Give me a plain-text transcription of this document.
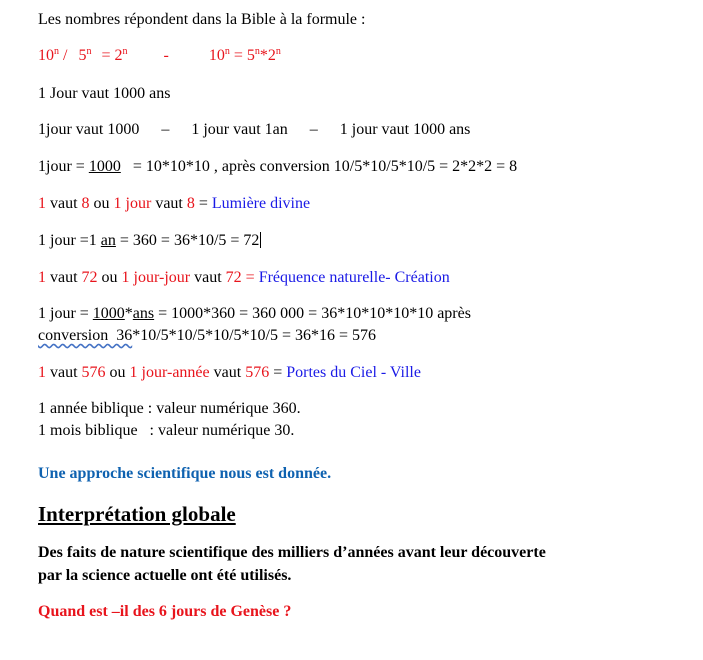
Les nombres répondent dans la Bible à la formule :
$10^n / 5^n = 2^n$ -	$10^n = 5^n*2^n$
1 Jour vaut 1000 ans
1jour vaut 1000 – 1 jour vaut 1an – 1 jour vaut 1000 ans
1jour = 1000   = 10*10*10 , après conversion 10/5*10/5*10/5 = 2*2*2 = 8
1 vaut 8 ou 1 jour vaut 8 = Lumière divine
1 jour =1 an = 360 = 36*10/5 = 72
1 vaut 72 ou 1 jour-jour vaut 72 = Fréquence naturelle- Création
1 jour = 1000*ans = 1000*360 = 360 000 = 36*10*10*10*10 après
conversion  36*10/5*10/5*10/5*10/5 = 36*16 = 576
1 vaut 576 ou 1 jour-année vaut 576 = Portes du Ciel - Ville
1 année biblique : valeur numérique 360.
1 mois biblique   : valeur numérique 30.
Une approche scientifique nous est donnée.
Interprétation globale
Des faits de nature scientifique des milliers d’années avant leur découverte
par la science actuelle ont été utilisés.
Quand est –il des 6 jours de Genèse ?
